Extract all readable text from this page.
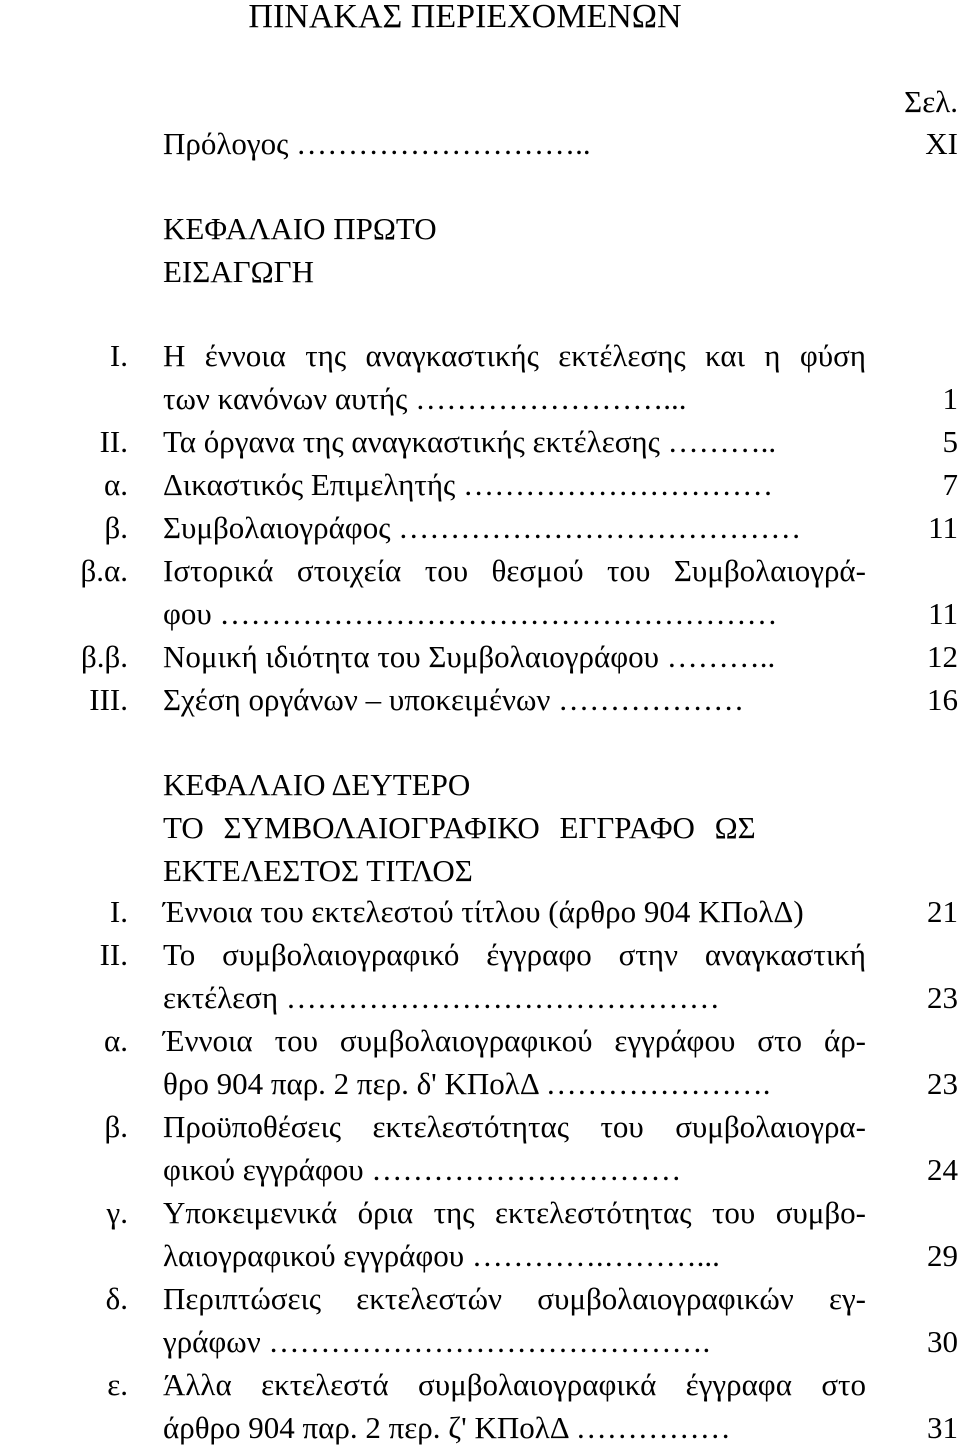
ΠΙΝΑΚΑΣ ΠΕΡΙΕΧΟΜΕΝΩΝ
Σελ.
Πρόλογος ………………………..	XI
ΚΕΦΑΛΑΙΟ ΠΡΩΤΟ
ΕΙΣΑΓΩΓΗ
I. Η έννοια της αναγκαστικής εκτέλεσης και η φύση
των κανόνων αυτής ……………………...	1
II. Τα όργανα της αναγκαστικής εκτέλεσης ………..	5
α. Δικαστικός Επιμελητής …………………………	7
β. Συμβολαιογράφος …………………………………	11
β.α. Ιστορικά στοιχεία του θεσμού του Συμβολαιογρά-
φου ………………………………………………	11
β.β. Νομική ιδιότητα του Συμβολαιογράφου ………..	12
III. Σχέση οργάνων – υποκειμένων ………………	16
ΚΕΦΑΛΑΙΟ ΔΕΥΤΕΡΟ
ΤΟ ΣΥΜΒΟΛΑΙΟΓΡΑΦΙΚΟ ΕΓΓΡΑΦΟ ΩΣ
ΕΚΤΕΛΕΣΤΟΣ ΤΙΤΛΟΣ
I. Έννοια του εκτελεστού τίτλου (άρθρο 904 ΚΠολΔ)	21
II. Το συμβολαιογραφικό έγγραφο στην αναγκαστική
εκτέλεση ……………………………………	23
α. Έννοια του συμβολαιογραφικού εγγράφου στο άρ-
θρο 904 παρ. 2 περ. δ' ΚΠολΔ ………………….	23
β. Προϋποθέσεις εκτελεστότητας του συμβολαιογρα-
φικού εγγράφου …………………………	24
γ. Υποκειμενικά όρια της εκτελεστότητας του συμβο-
λαιογραφικού εγγράφου ………….………...	29
δ. Περιπτώσεις εκτελεστών συμβολαιογραφικών εγ-
γράφων …………………………………….	30
ε. Άλλα εκτελεστά συμβολαιογραφικά έγγραφα στο
άρθρο 904 παρ. 2 περ. ζ' ΚΠολΔ ……………	31
